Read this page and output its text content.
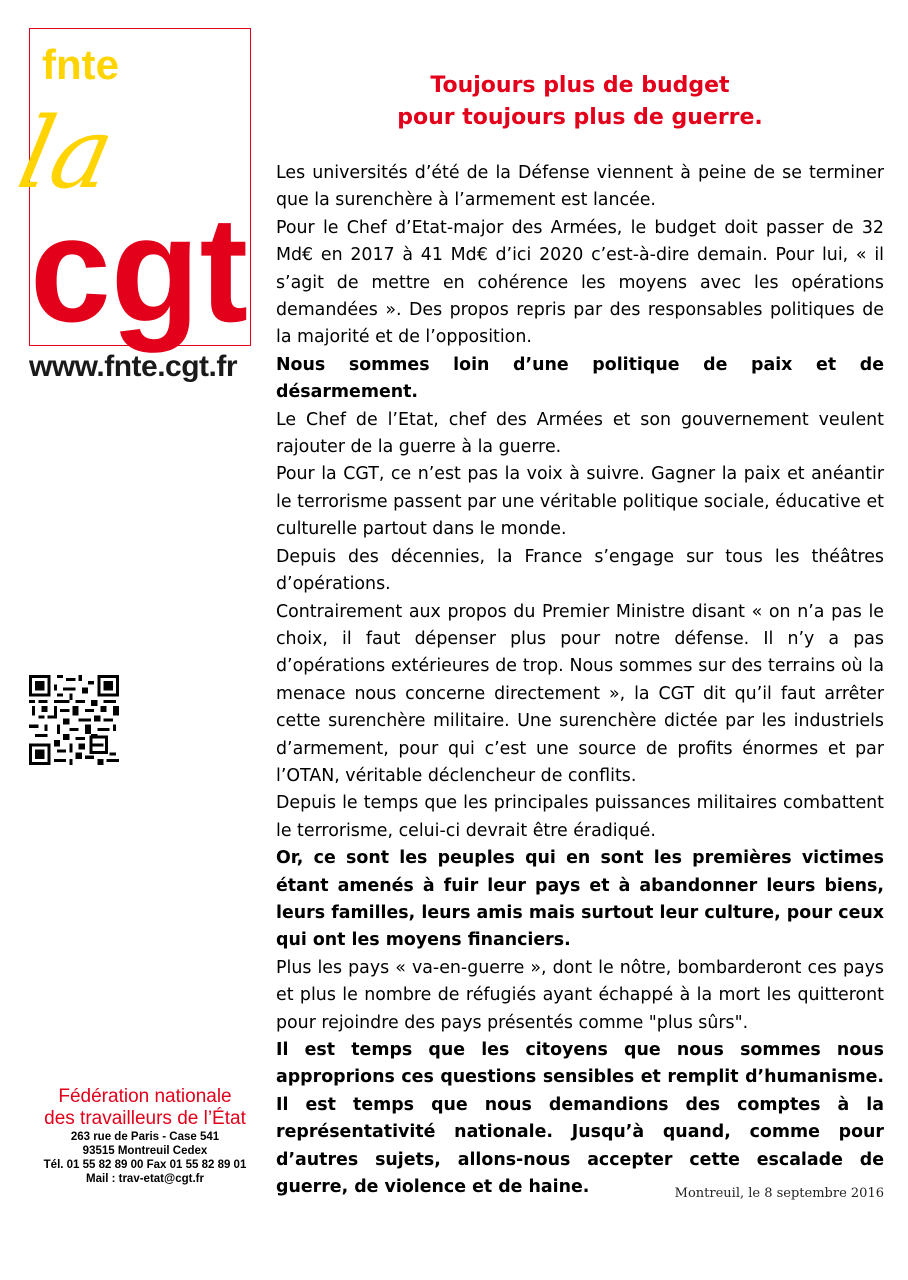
fnte
la
cgt
www.fnte.cgt.fr
Fédération nationale
des travailleurs de l’État
263 rue de Paris - Case 541
93515 Montreuil Cedex
Tél. 01 55 82 89 00 Fax 01 55 82 89 01
Mail : trav-etat@cgt.fr
Toujours plus de budget
pour toujours plus de guerre.

Les universités d’été de la Défense viennent à peine de se terminer que la surenchère à l’armement est lancée.

Pour le Chef d’Etat-major des Armées, le budget doit passer de 32 Md€ en 2017 à 41 Md€ d’ici 2020 c’est-à-dire demain. Pour lui, « il s’agit de mettre en cohérence les moyens avec les opérations demandées ». Des propos repris par des responsables politiques de la majorité et de l’opposition.

Nous sommes loin d’une politique de paix et de désarmement.

Le Chef de l’Etat, chef des Armées et son gouvernement veulent rajouter de la guerre à la guerre.

Pour la CGT, ce n’est pas la voix à suivre. Gagner la paix et anéantir le terrorisme passent par une véritable politique sociale, éducative et culturelle partout dans le monde.

Depuis des décennies, la France s’engage sur tous les théâtres d’opérations.

Contrairement aux propos du Premier Ministre disant « on n’a pas le choix, il faut dépenser plus pour notre défense. Il n’y a pas d’opérations extérieures de trop. Nous sommes sur des terrains où la menace nous concerne directement », la CGT dit qu’il faut arrêter cette surenchère militaire. Une surenchère dictée par les industriels d’armement, pour qui c’est une source de profits énormes et par l’OTAN, véritable déclencheur de conflits.

Depuis le temps que les principales puissances militaires combattent le terrorisme, celui-ci devrait être éradiqué.

Or, ce sont les peuples qui en sont les premières victimes étant amenés à fuir leur pays et à abandonner leurs biens, leurs familles, leurs amis mais surtout leur culture, pour ceux qui ont les moyens financiers.

Plus les pays « va-en-guerre », dont le nôtre, bombarderont ces pays et plus le nombre de réfugiés ayant échappé à la mort les quitteront pour rejoindre des pays présentés comme "plus sûrs".

Il est temps que les citoyens que nous sommes nous approprions ces questions sensibles et remplit d’humanisme. Il est temps que nous demandions des comptes à la représentativité nationale. Jusqu’à quand, comme pour d’autres sujets, allons-nous accepter cette escalade de guerre, de violence et de haine.	Montreuil, le 8 septembre 2016
